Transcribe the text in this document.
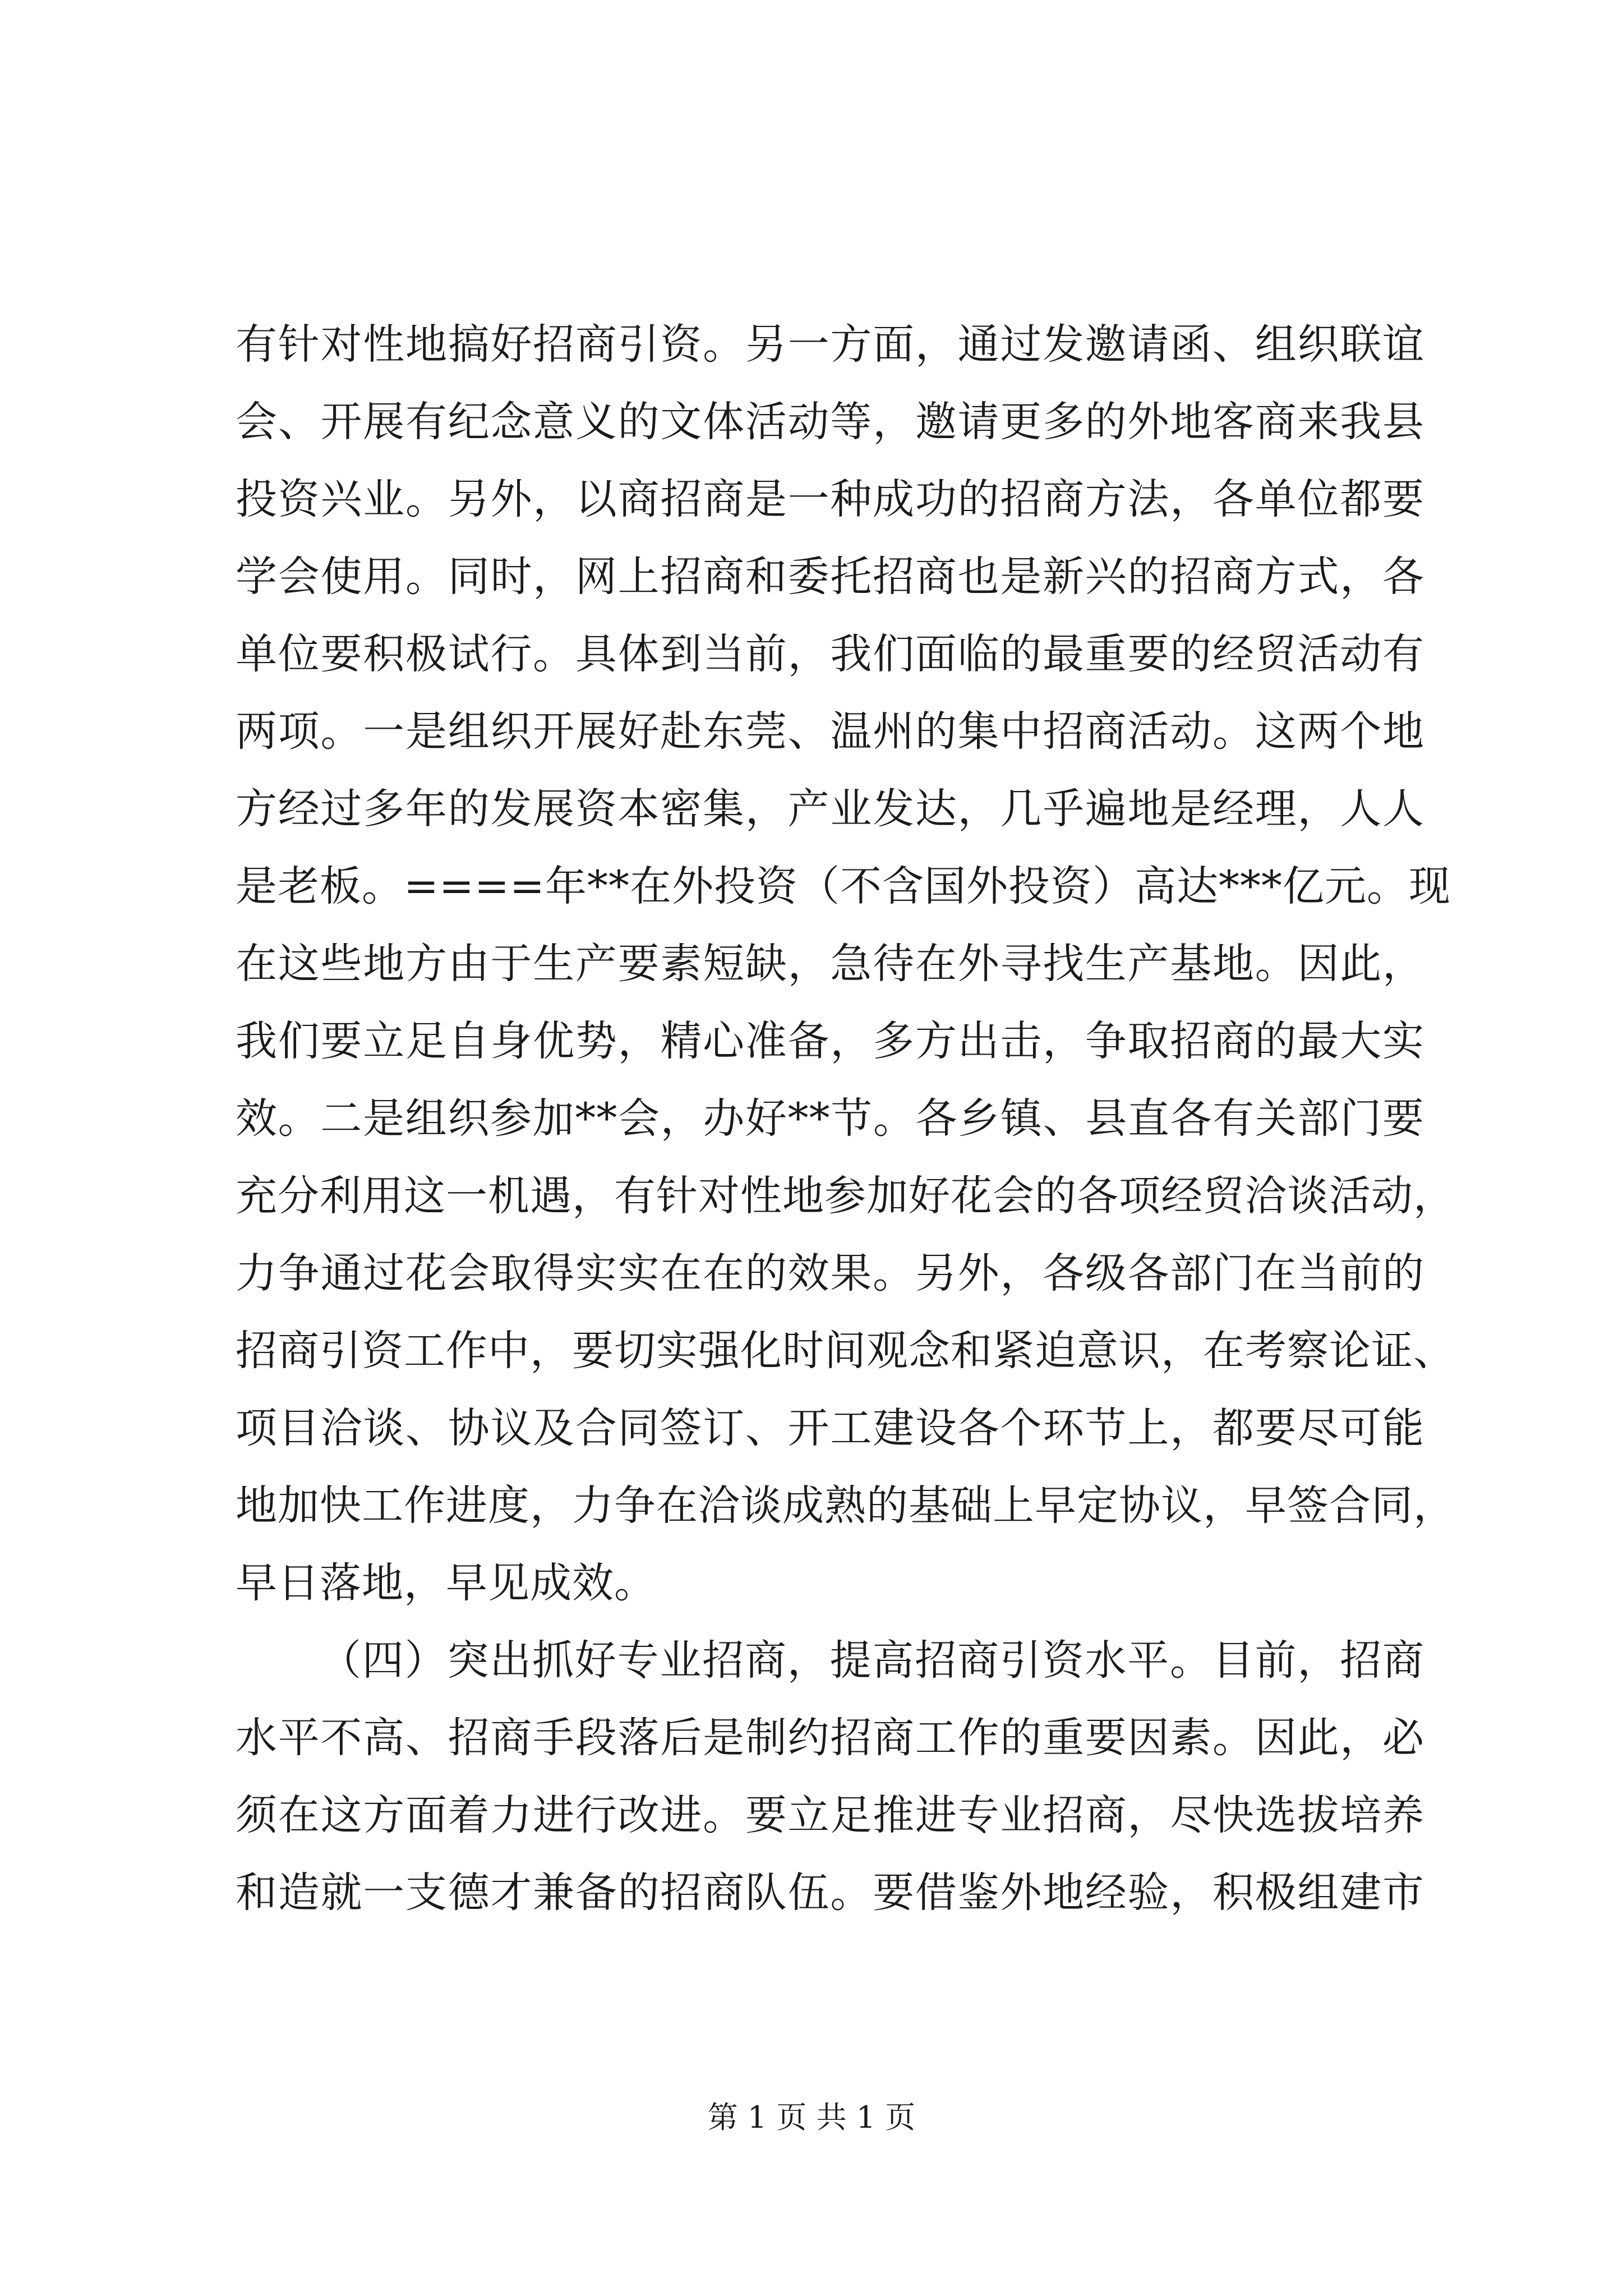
有针对性地搞好招商引资。另一方面，通过发邀请函、组织联谊
会、开展有纪念意义的文体活动等，邀请更多的外地客商来我县
投资兴业。另外，以商招商是一种成功的招商方法，各单位都要
学会使用。同时，网上招商和委托招商也是新兴的招商方式，各
单位要积极试行。具体到当前，我们面临的最重要的经贸活动有
两项。一是组织开展好赴东莞、温州的集中招商活动。这两个地
方经过多年的发展资本密集，产业发达，几乎遍地是经理，人人
是老板。====年**在外投资（不含国外投资）高达***亿元。现
在这些地方由于生产要素短缺，急待在外寻找生产基地。因此，
我们要立足自身优势，精心准备，多方出击，争取招商的最大实
效。二是组织参加**会，办好**节。各乡镇、县直各有关部门要
充分利用这一机遇，有针对性地参加好花会的各项经贸洽谈活动，
力争通过花会取得实实在在的效果。另外，各级各部门在当前的
招商引资工作中，要切实强化时间观念和紧迫意识，在考察论证、
项目洽谈、协议及合同签订、开工建设各个环节上，都要尽可能
地加快工作进度，力争在洽谈成熟的基础上早定协议，早签合同，
早日落地，早见成效。
（四）突出抓好专业招商，提高招商引资水平。目前，招商
水平不高、招商手段落后是制约招商工作的重要因素。因此，必
须在这方面着力进行改进。要立足推进专业招商，尽快选拔培养
和造就一支德才兼备的招商队伍。要借鉴外地经验，积极组建市
第 1 页 共 1 页
